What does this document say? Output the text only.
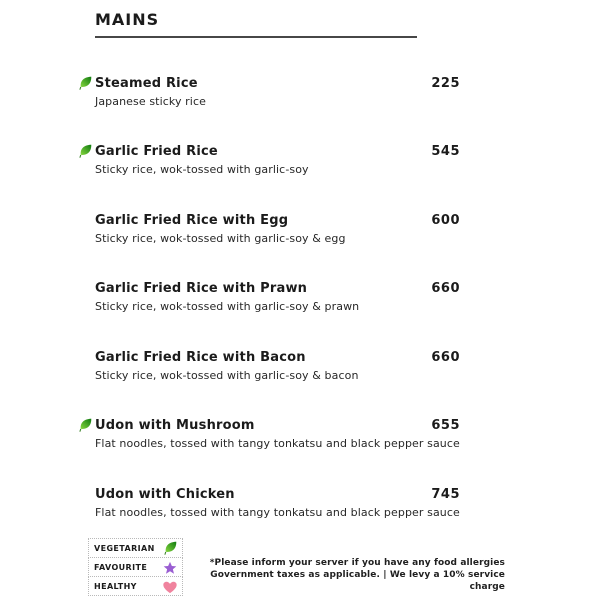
MAINS
Steamed Rice	225
Japanese sticky rice
Garlic Fried Rice	545
Sticky rice, wok-tossed with garlic-soy
Garlic Fried Rice with Egg	600
Sticky rice, wok-tossed with garlic-soy & egg
Garlic Fried Rice with Prawn	660
Sticky rice, wok-tossed with garlic-soy & prawn
Garlic Fried Rice with Bacon	660
Sticky rice, wok-tossed with garlic-soy & bacon
Udon with Mushroom	655
Flat noodles, tossed with tangy tonkatsu and black pepper sauce
Udon with Chicken	745
Flat noodles, tossed with tangy tonkatsu and black pepper sauce
VEGETARIAN
FAVOURITE
HEALTHY
*Please inform your server if you have any food allergies
Government taxes as applicable. | We levy a 10% service charge
